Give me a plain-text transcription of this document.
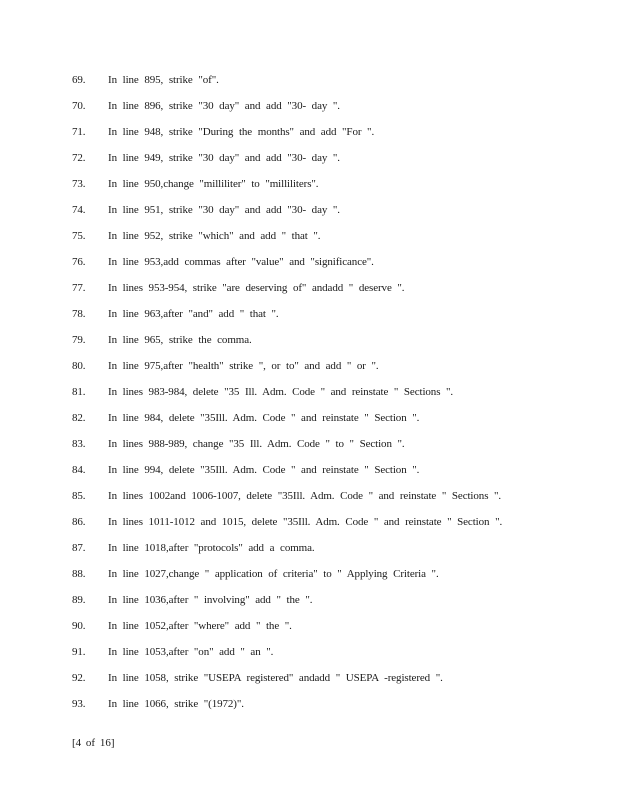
69. In line 895, strike "of".
70. In line 896, strike "30 day" and add "30- day ".
71. In line 948, strike "During the months" and add "For ".
72. In line 949, strike "30 day" and add "30- day ".
73. In line 950,change "milliliter" to "milliliters".
74. In line 951, strike "30 day" and add "30- day ".
75. In line 952, strike "which" and add " that ".
76. In line 953,add commas after "value" and "significance".
77. In lines 953-954, strike "are deserving of" andadd " deserve ".
78. In line 963,after "and" add " that ".
79. In line 965, strike the comma.
80. In line 975,after "health" strike ", or to" and add " or ".
81. In lines 983-984, delete "35 Ill. Adm. Code " and reinstate " Sections ".
82. In line 984, delete "35Ill. Adm. Code " and reinstate " Section ".
83. In lines 988-989, change "35 Ill. Adm. Code " to " Section ".
84. In line 994, delete "35Ill. Adm. Code " and reinstate " Section ".
85. In lines 1002and 1006-1007, delete "35Ill. Adm. Code " and reinstate " Sections ".
86. In lines 1011-1012 and 1015, delete "35Ill. Adm. Code " and reinstate " Section ".
87. In line 1018,after "protocols" add a comma.
88. In line 1027,change " application of criteria" to " Applying Criteria ".
89. In line 1036,after " involving" add " the ".
90. In line 1052,after "where" add " the ".
91. In line 1053,after "on" add " an ".
92. In line 1058, strike "USEPA registered" andadd " USEPA -registered ".
93. In line 1066, strike "(1972)".
[4 of 16]
